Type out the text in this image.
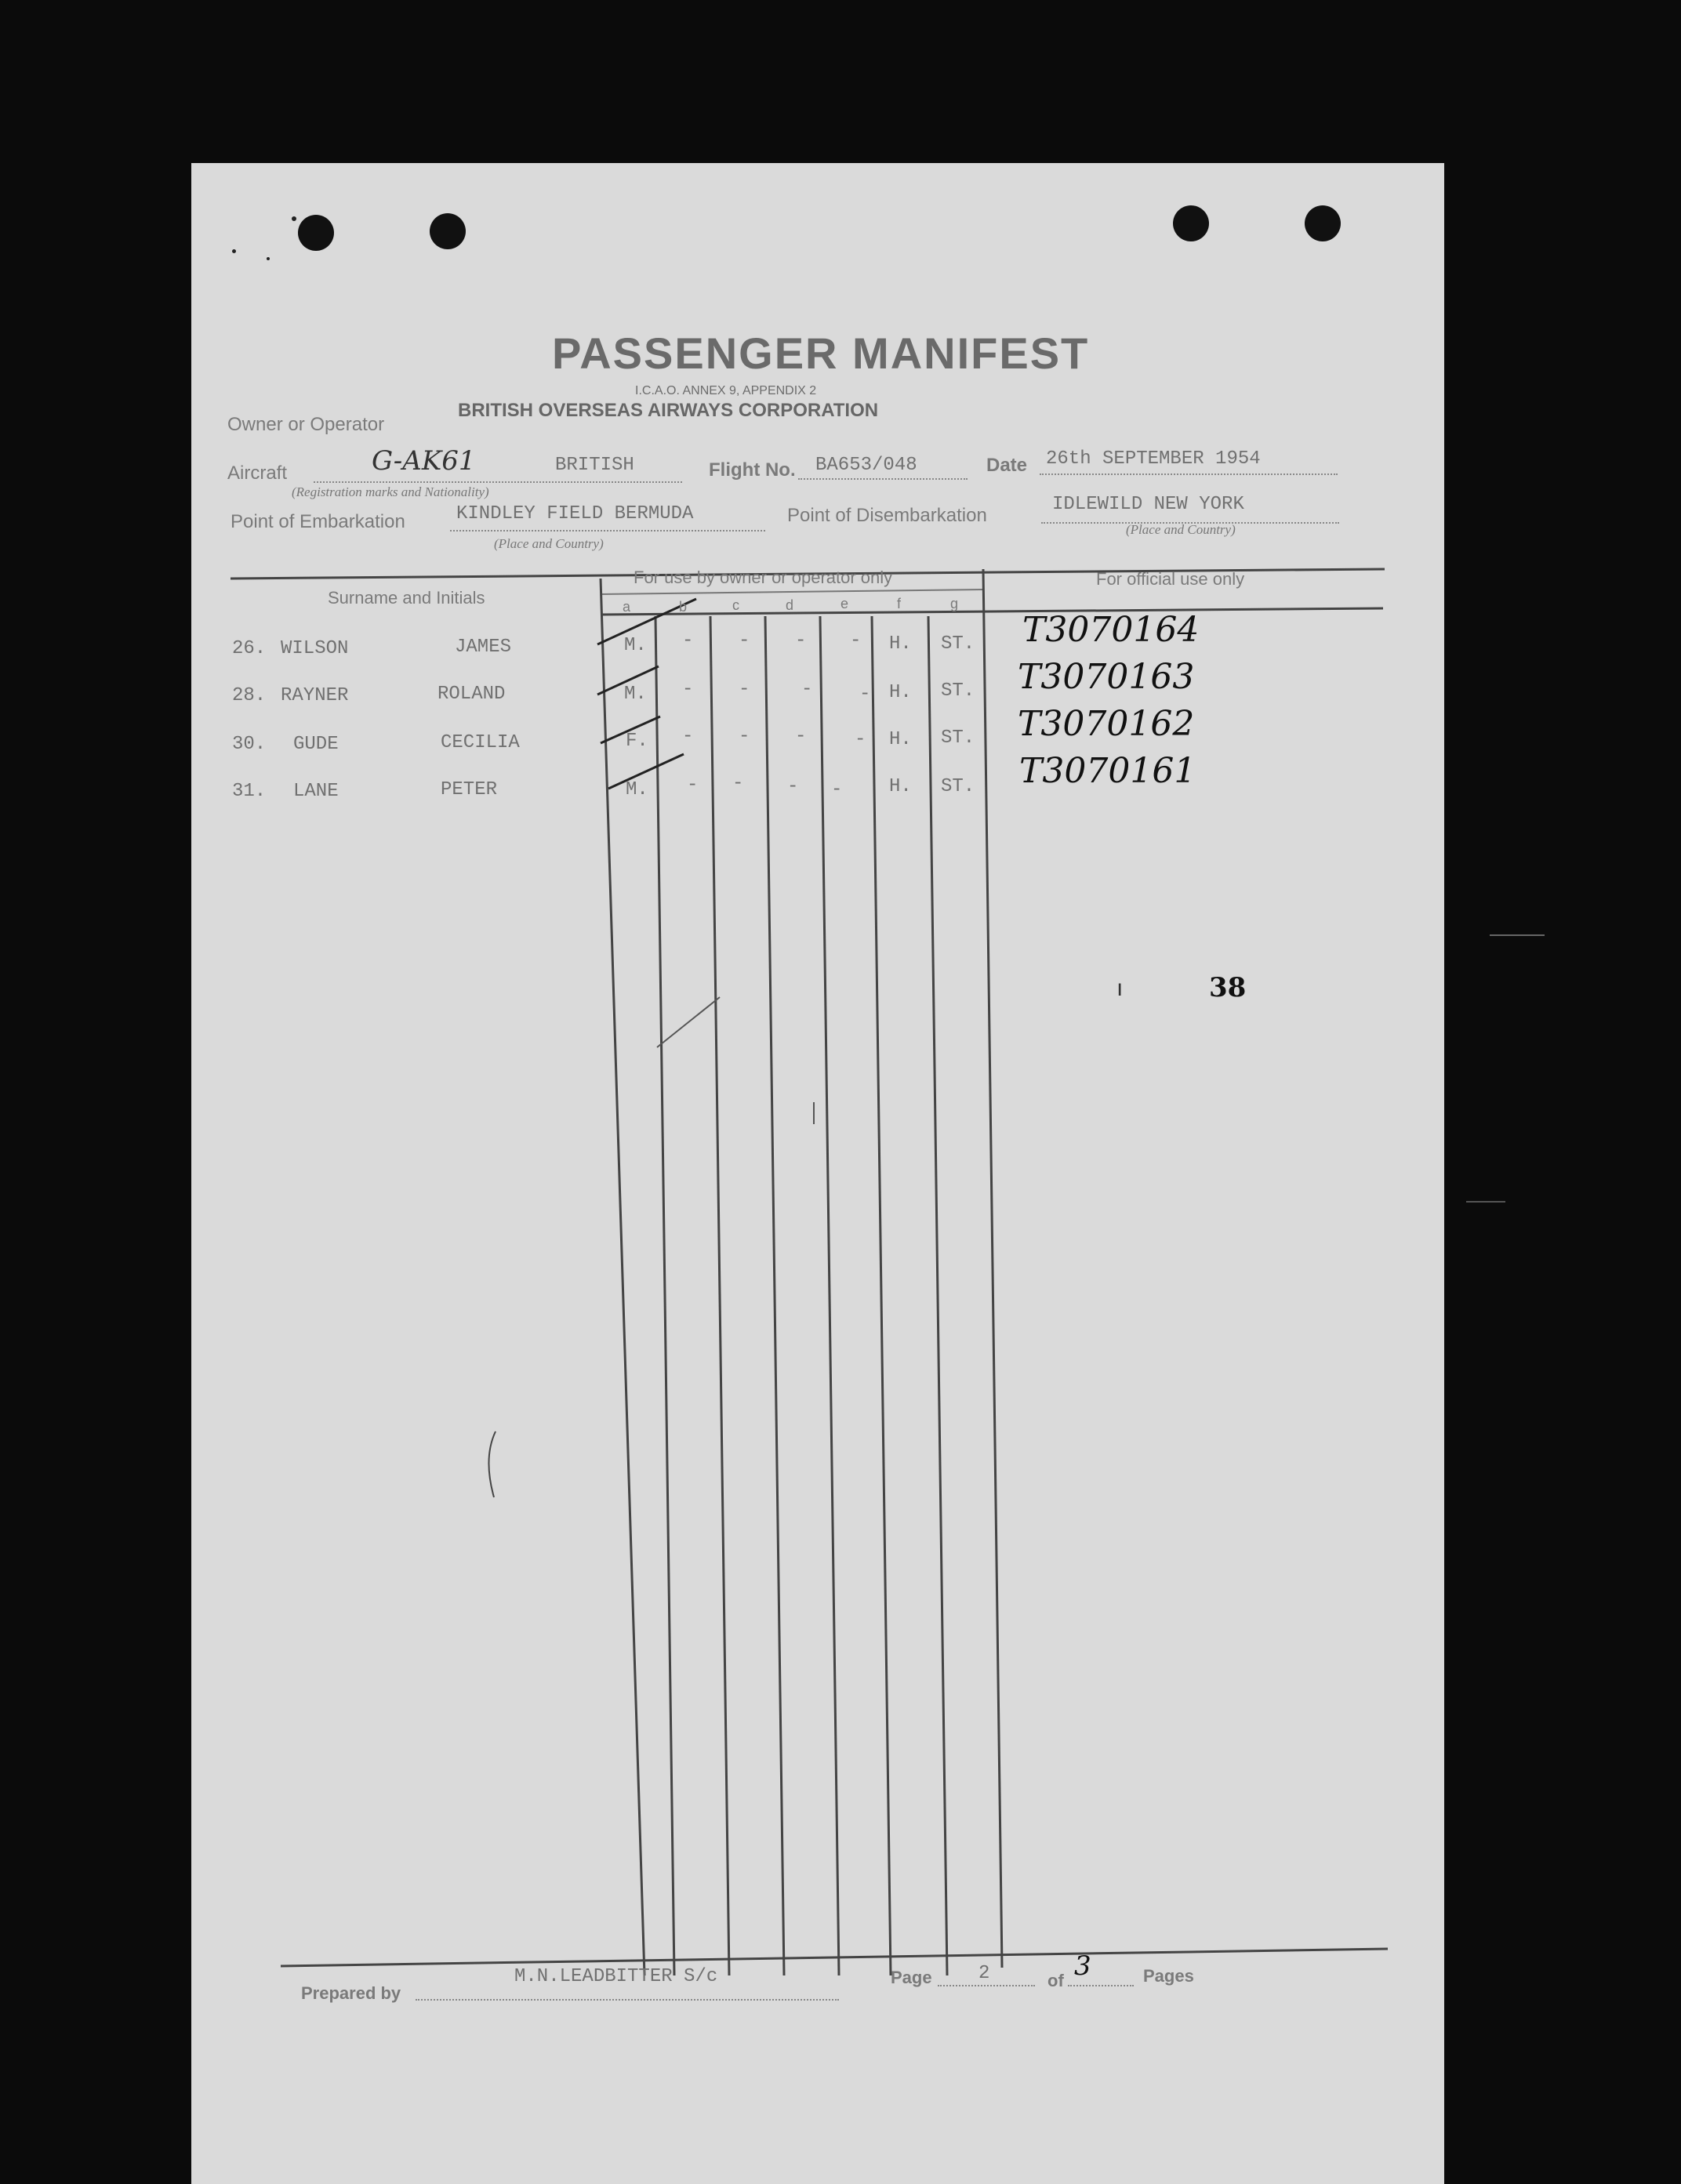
PASSENGER MANIFEST
I.C.A.O. ANNEX 9, APPENDIX 2
Owner or Operator
BRITISH OVERSEAS AIRWAYS CORPORATION
Aircraft	G-AK61	BRITISH
(Registration marks and Nationality)
Flight No. BA653/048	Date 26th SEPTEMBER 1954
Point of Embarkation	KINDLEY FIELD BERMUDA
(Place and Country)
Point of Disembarkation
IDLEWILD NEW YORK
(Place and Country)
Surname and Initials
For use by owner or operator only	For official use only
a	b	c	d	e	f	g
26. WILSON	JAMES	M. - - - - H. ST. T3070164
28. RAYNER	ROLAND	M. - -	- - H. ST. T3070163
30. GUDE	CECILIA	F. - - -	- H. ST. T3070162
31. LANE	PETER	M. - - - - H. ST. T3070161
ı	38
Prepared by
M.N.LEADBITTER S/c	Page 2	of 3	Pages
